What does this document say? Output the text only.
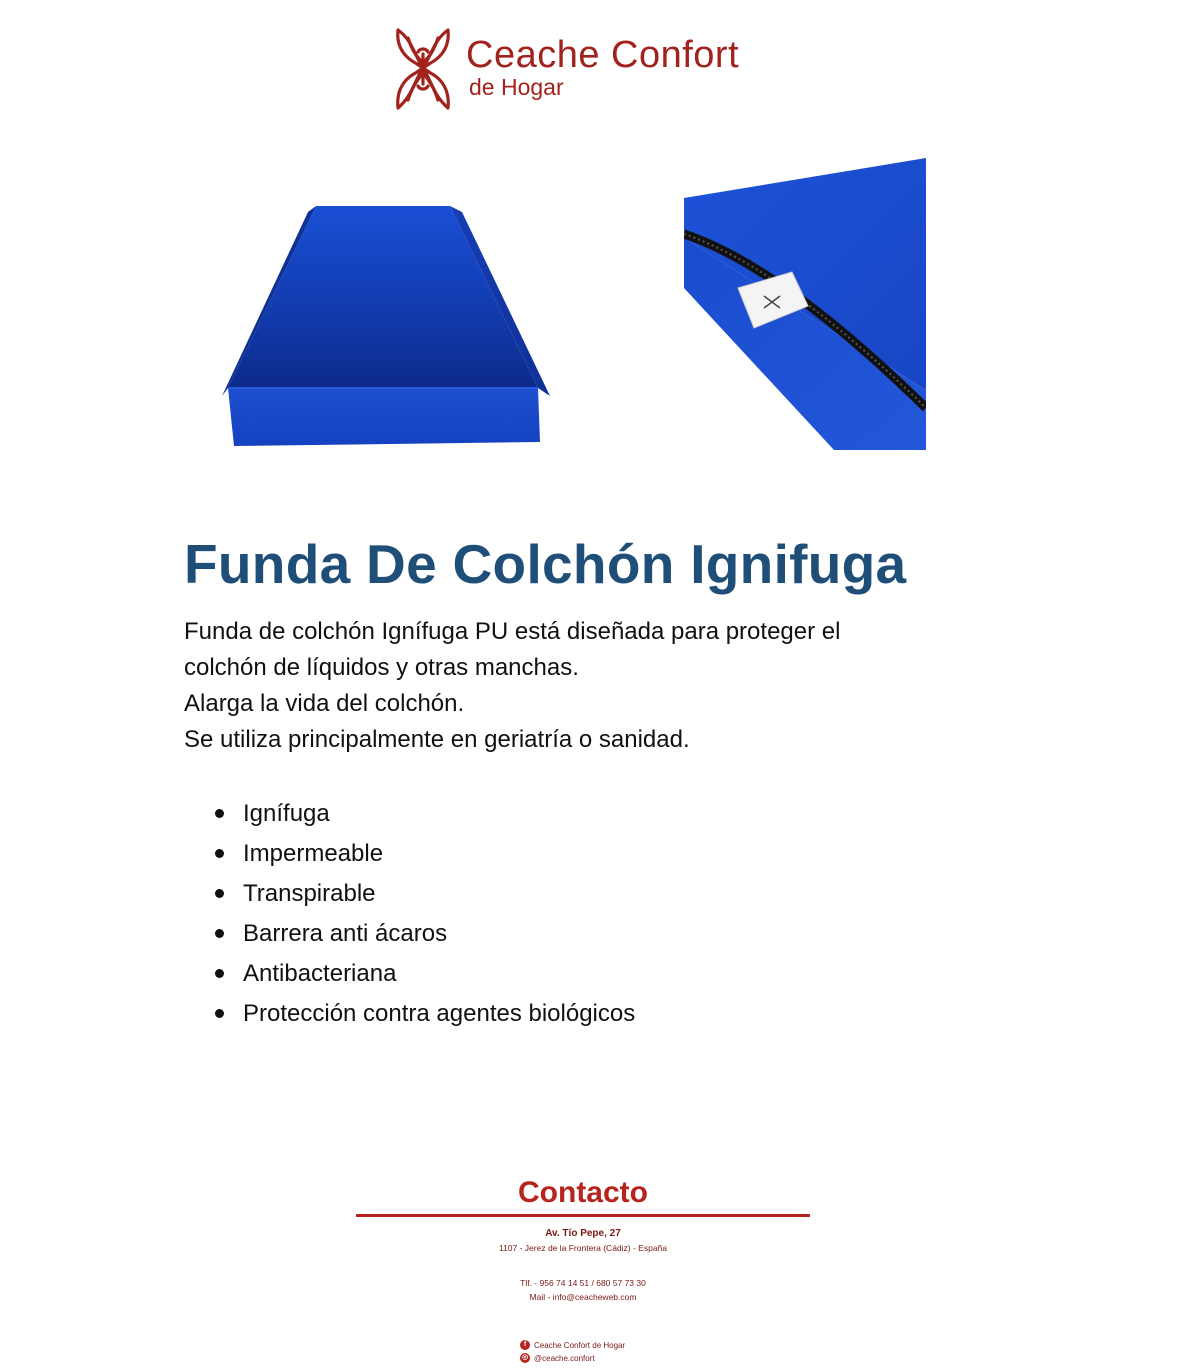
Ceache Confort
de Hogar
Funda De Colchón Ignifuga

Funda de colchón Ignífuga PU está diseñada para proteger el

colchón de líquidos y otras manchas.

Alarga la vida del colchón.

Se utiliza principalmente en geriatría o sanidad.

Ignífuga
Impermeable
Transpirable
Barrera anti ácaros
Antibacteriana
Protección contra agentes biológicos
Contacto
Av. Tío Pepe, 27
1107 - Jerez de la Frontera (Cádiz) - España
Tlf. - 956 74 14 51 / 680 57 73 30
Mail - info@ceacheweb.com
f Ceache Confort de Hogar
◎ @ceache.confort
